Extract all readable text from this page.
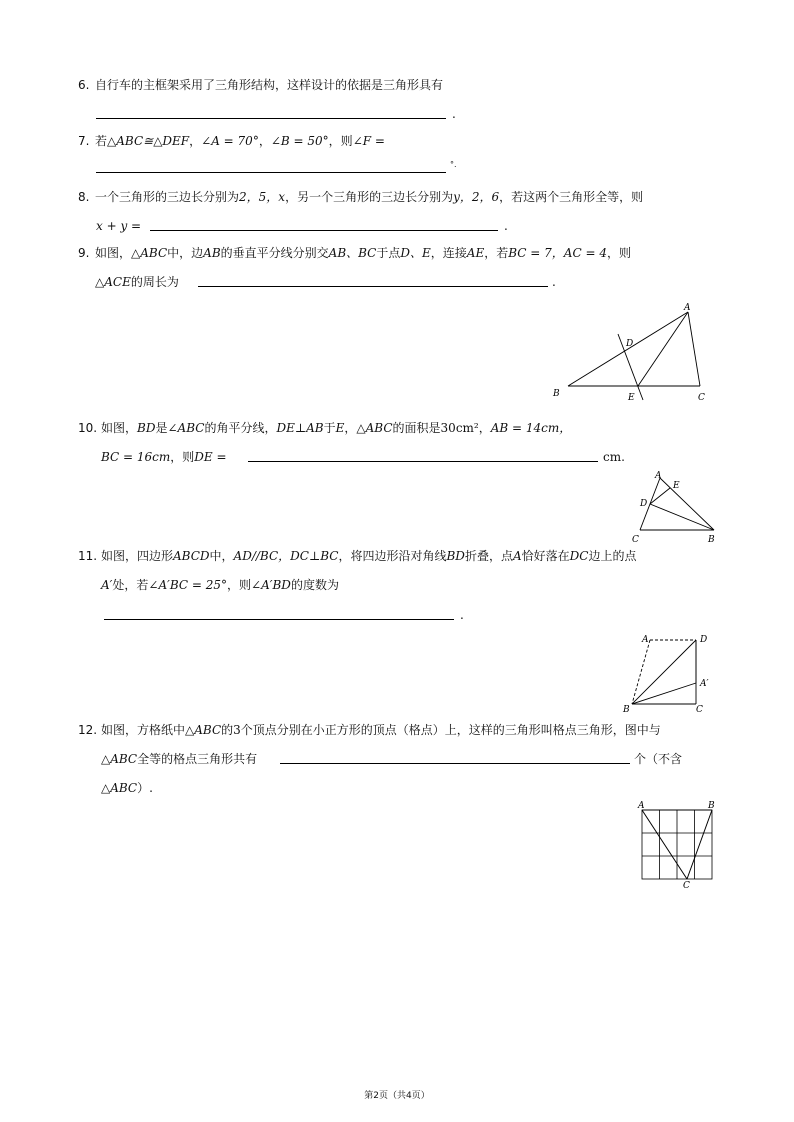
6. 自行车的主框架采用了三角形结构，这样设计的依据是三角形具有
.
7. 若△ABC≅△DEF，∠A = 70°，∠B = 50°，则∠F =
°.
8. 一个三角形的三边长分别为2，5，x，另一个三角形的三边长分别为y，2，6，若这两个三角形全等，则
x + y =	.
9. 如图，△ABC中，边AB的垂直平分线分别交AB、BC于点D、E，连接AE，若BC = 7，AC = 4，则
△ACE的周长为	.
A
B	C
D
E
10. 如图，BD是∠ABC的角平分线，DE⊥AB于E，△ABC的面积是30cm²，AB = 14cm，
BC = 16cm，则DE =	cm.
A
E
D
C	B
11. 如图，四边形ABCD中，AD//BC，DC⊥BC，将四边形沿对角线BD折叠，点A恰好落在DC边上的点
A′处，若∠A′BC = 25°，则∠A′BD的度数为
.
A	D
A′
B	C
12. 如图，方格纸中△ABC的3个顶点分别在小正方形的顶点（格点）上，这样的三角形叫格点三角形，图中与
△ABC全等的格点三角形共有	个（不含
△ABC）.
A	B
C
第2页（共4页）
